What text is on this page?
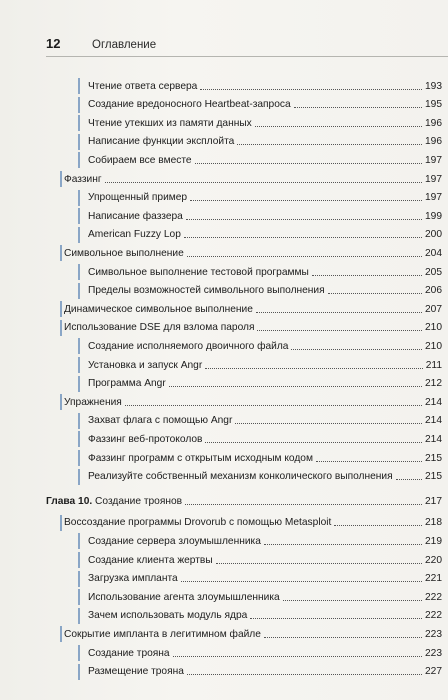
12	Оглавление
Чтение ответа сервера	193
Создание вредоносного Heartbeat-запроса	195
Чтение утекших из памяти данных	196
Написание функции эксплойта	196
Собираем все вместе	197
Фаззинг	197
Упрощенный пример	197
Написание фаззера	199
American Fuzzy Lop	200
Символьное выполнение	204
Символьное выполнение тестовой программы	205
Пределы возможностей символьного выполнения	206
Динамическое символьное выполнение	207
Использование DSE для взлома пароля	210
Создание исполняемого двоичного файла	210
Установка и запуск Angr	211
Программа Angr	212
Упражнения	214
Захват флага с помощью Angr	214
Фаззинг веб-протоколов	214
Фаззинг программ с открытым исходным кодом	215
Реализуйте собственный механизм конколического выполнения	215
Глава 10. Создание троянов	217
Воссоздание программы Drovorub с помощью Metasploit	218
Создание сервера злоумышленника	219
Создание клиента жертвы	220
Загрузка импланта	221
Использование агента злоумышленника	222
Зачем использовать модуль ядра	222
Сокрытие импланта в легитимном файле	223
Создание трояна	223
Размещение трояна	227
